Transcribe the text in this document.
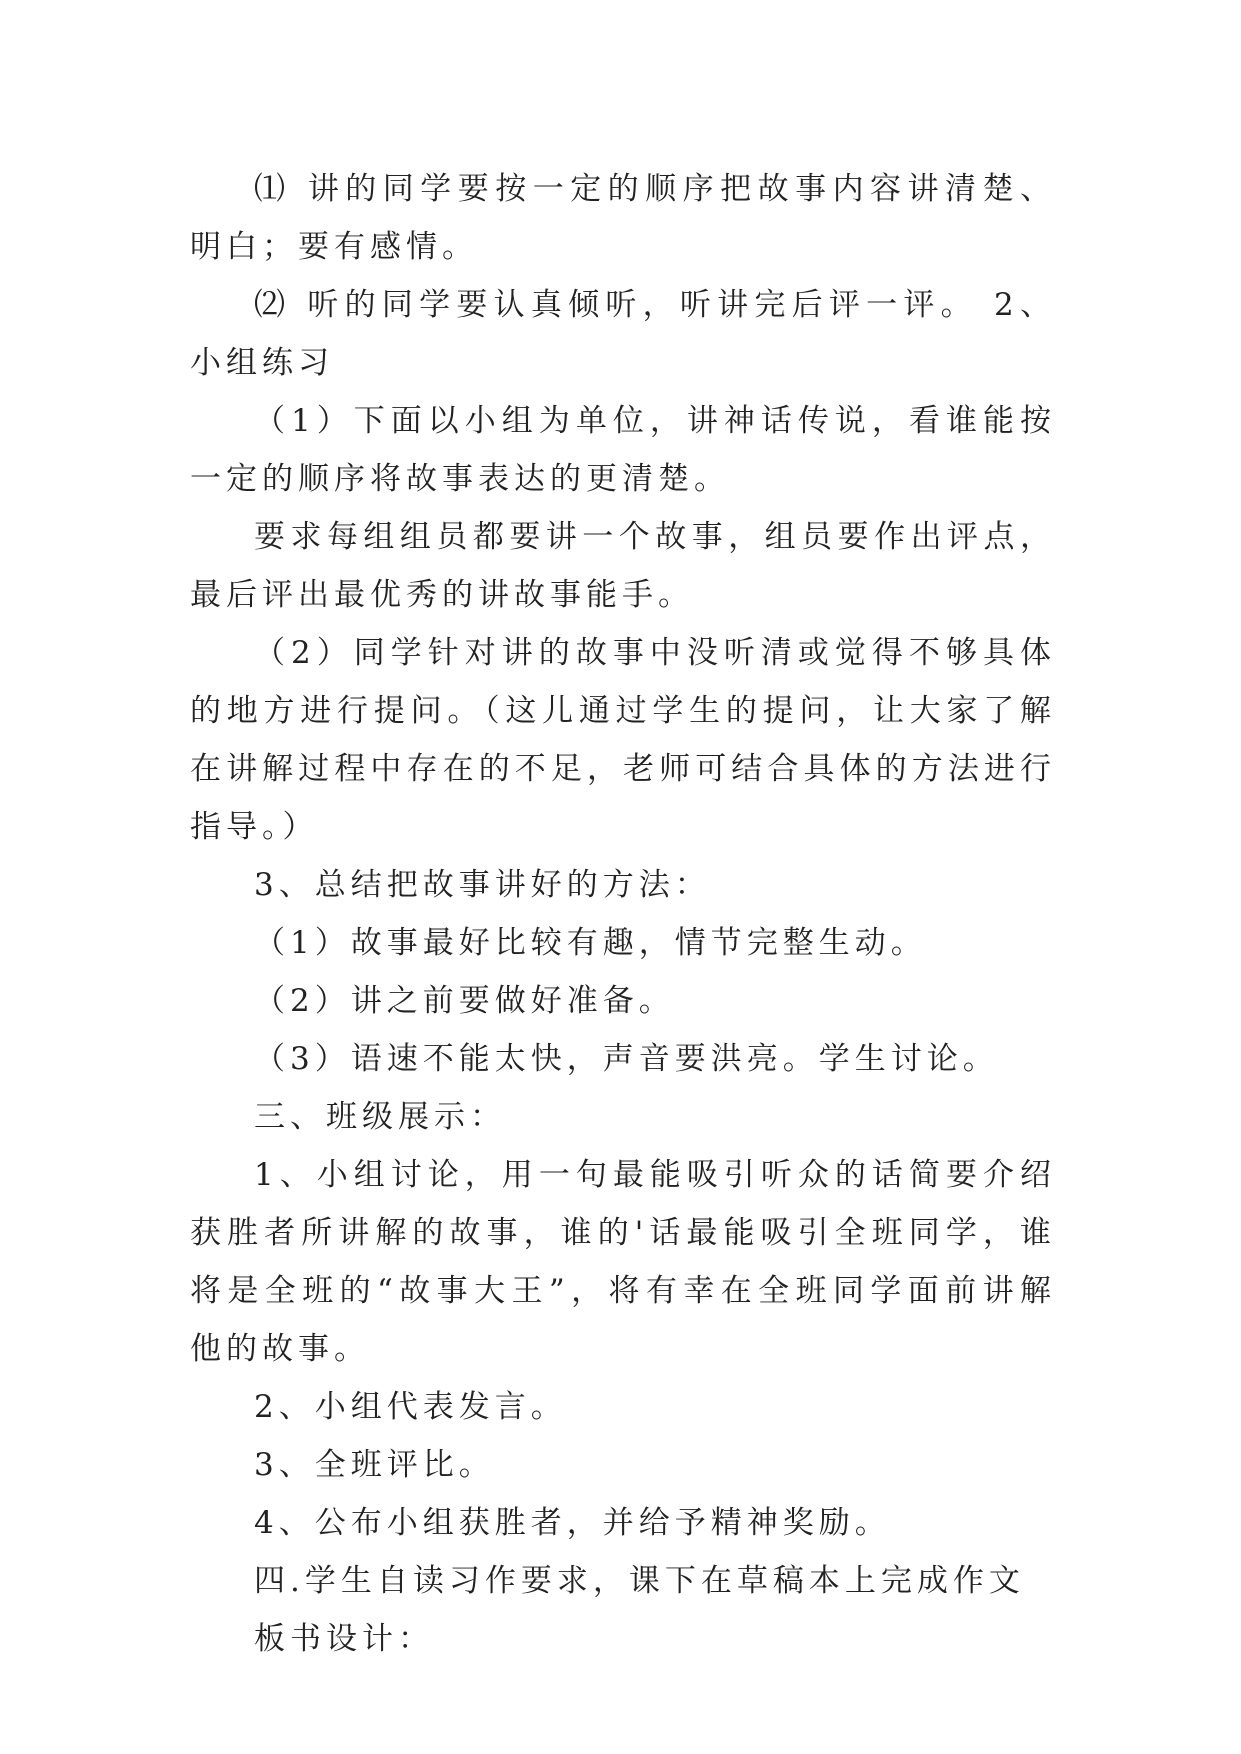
⑴ 讲的同学要按一定的顺序把故事内容讲清楚、明白；要有感情。

⑵ 听的同学要认真倾听，听讲完后评一评。 2、小组练习

（1）下面以小组为单位，讲神话传说，看谁能按一定的顺序将故事表达的更清楚。

要求每组组员都要讲一个故事，组员要作出评点，最后评出最优秀的讲故事能手。

（2）同学针对讲的故事中没听清或觉得不够具体的地方进行提问。（这儿通过学生的提问，让大家了解在讲解过程中存在的不足，老师可结合具体的方法进行指导。）

3、总结把故事讲好的方法：

（1）故事最好比较有趣，情节完整生动。

（2）讲之前要做好准备。

（3）语速不能太快，声音要洪亮。学生讨论。

三、班级展示：

1、小组讨论，用一句最能吸引听众的话简要介绍获胜者所讲解的故事，谁的'话最能吸引全班同学，谁将是全班的“故事大王”，将有幸在全班同学面前讲解他的故事。

2、小组代表发言。

3、全班评比。

4、公布小组获胜者，并给予精神奖励。

四.学生自读习作要求，课下在草稿本上完成作文

板书设计：
